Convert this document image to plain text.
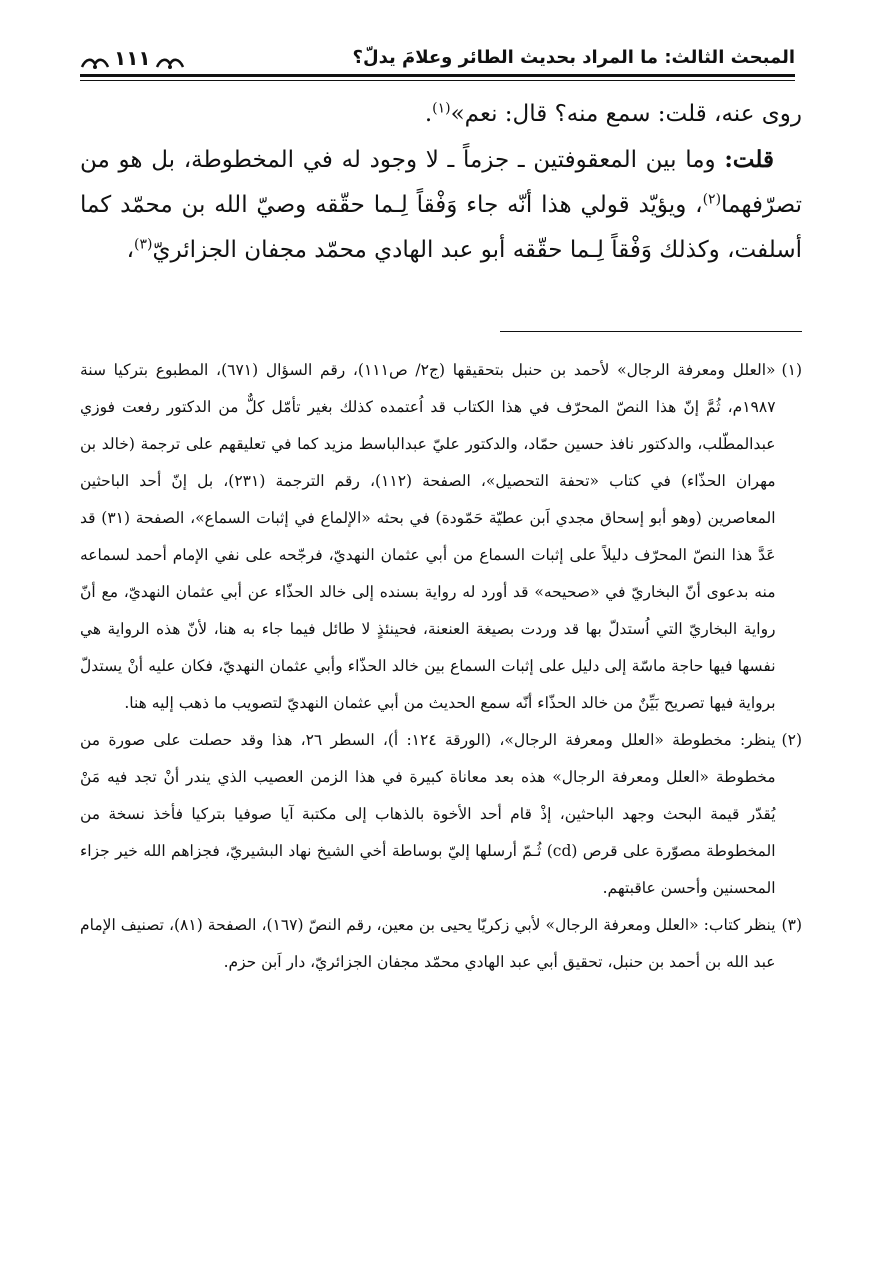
المبحث الثالث: ما المراد بحديث الطائر وعلامَ يدلّ؟
١١١

روى عنه، قلت: سمع منه؟ قال: نعم»$^{(١)}$.

قلت: وما بين المعقوفتين ـ جزماً ـ لا وجود له في المخطوطة، بل هو من تصرّفهما$^{(٢)}$، ويؤيّد قولي هذا أنّه جاء وَفْقاً لِـما حقّقه وصيّ الله بن محمّد كما أسلفت، وكذلك وَفْقاً لِـما حقّقه أبو عبد الهادي محمّد مجفان الجزائريّ$^{(٣)}$،

(١)
«العلل ومعرفة الرجال» لأحمد بن حنبل بتحقيقها (ج٢/ ص١١١)، رقم السؤال (٦٧١)، المطبوع بتركيا سنة ١٩٨٧م، ثُمَّ إنّ هذا النصّ المحرّف في هذا الكتاب قد اُعتمده كذلك بغير تأمّل كلٌّ من الدكتور رفعت فوزي عبدالمطّلب، والدكتور نافذ حسين حمّاد، والدكتور عليّ عبدالباسط مزيد كما في تعليقهم على ترجمة (خالد بن مهران الحذّاء) في كتاب «تحفة التحصيل»، الصفحة (١١٢)، رقم الترجمة (٢٣١)، بل إنّ أحد الباحثين المعاصرين (وهو أبو إسحاق مجدي اَبن عطيّة حَمّودة) في بحثه «الإلماع في إثبات السماع»، الصفحة (٣١) قد عَدَّ هذا النصّ المحرّف دليلاً على إثبات السماع من أبي عثمان النهديّ، فرجّحه على نفي الإمام أحمد لسماعه منه بدعوى أنّ البخاريّ في «صحيحه» قد أورد له رواية بسنده إلى خالد الحذّاء عن أبي عثمان النهديّ، مع أنّ رواية البخاريّ التي اُستدلّ بها قد وردت بصيغة العنعنة، فحينئذٍ لا طائل فيما جاء به هنا، لأنّ هذه الرواية هي نفسها فيها حاجة ماسّة إلى دليل على إثبات السماع بين خالد الحذّاء وأبي عثمان النهديّ، فكان عليه أنْ يستدلّ برواية فيها تصريح بَيِّنٌ من خالد الحذّاء أنّه سمع الحديث من أبي عثمان النهديّ لتصويب ما ذهب إليه هنا.
(٢)
ينظر: مخطوطة «العلل ومعرفة الرجال»، (الورقة ١٢٤: أ)، السطر ٢٦، هذا وقد حصلت على صورة من مخطوطة «العلل ومعرفة الرجال» هذه بعد معاناة كبيرة في هذا الزمن العصيب الذي يندر أنْ تجد فيه مَنْ يُقدّر قيمة البحث وجهد الباحثين، إذْ قام أحد الأخوة بالذهاب إلى مكتبة آيا صوفيا بتركيا فأخذ نسخة من المخطوطة مصوّرة على قرص (cd) ثُـمّ أرسلها إليّ بوساطة أخي الشيخ نهاد البشيريّ، فجزاهم الله خير جزاء المحسنين وأحسن عاقبتهم.
(٣)
ينظر كتاب: «العلل ومعرفة الرجال» لأبي زكريّا يحيى بن معين، رقم النصّ (١٦٧)، الصفحة (٨١)، تصنيف الإمام عبد الله بن أحمد بن حنبل، تحقيق أبي عبد الهادي محمّد مجفان الجزائريّ، دار اَبن حزم.
